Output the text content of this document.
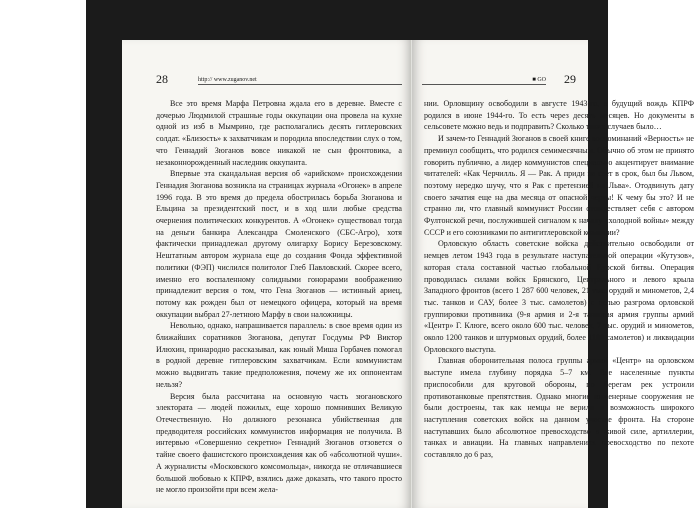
28	http:// www.zuganov.net

Все это время Марфа Петровна ждала его в деревне. Вместе с дочерью Людмилой страшные годы оккупации она провела на кухне одной из изб в Мымрино, где располагались десять гитлеровских солдат. «Близость» к захватчикам и породила впоследствии слух о том, что Геннадий Зюганов вовсе никакой не сын фронтовика, а незаконнорожденный наследник оккупанта.

Впервые эта скандальная версия об «арийском» происхождении Геннадия Зюганова возникла на страницах журнала «Огонек» в апреле 1996 года. В это время до предела обострилась борьба Зюганова и Ельцина за президентский пост, и в ход шли любые средства очернения политических конкурентов. А «Огонек» существовал тогда на деньги банкира Александра Смоленского (СБС-Агро), хотя фактически принадлежал другому олигарху Борису Березовскому. Нештатным автором журнала еще до создания Фонда эффективной политики (ФЭП) числился политолог Глеб Павловский. Скорее всего, именно его воспаленному солидными гонорарами воображению принадлежит версия о том, что Гена Зюганов — истинный ариец, потому как рожден был от немецкого офицера, который на время оккупации выбрал 27-летнюю Марфу в свои наложницы.

Невольно, однако, напрашивается параллель: в свое время один из ближайших соратников Зюганова, депутат Госдумы РФ Виктор Илюхин, принародно рассказывал, как юный Миша Горбачев помогал в родной деревне гитлеровским захватчикам. Если коммунистам можно выдвигать такие предположения, почему же их оппонентам нельзя?

Версия была рассчитана на основную часть зюгановского электората — людей пожилых, еще хорошо помнивших Великую Отечественную. Но должного резонанса убийственная для предводителя российских коммунистов информация не получила. В интервью «Совершенно секретно» Геннадий Зюганов отзовется о тайне своего фашистского происхождения как об «абсолютной чуши». А журналисты «Московского комсомольца», никогда не отличавшиеся большой любовью к КПРФ, взялись даже доказать, что такого просто не могло произойти при всем жела-

■ GO 29

нии. Орловщину освободили в августе 1943-го, а будущий вождь КПРФ родился в июне 1944-го. То есть через десять месяцев. Но документы в сельсовете можно ведь и подправить? Сколько таких случаев было…

И зачем-то Геннадий Зюганов в своей книге воспоминаний «Верность» не преминул сообщить, что родился семимесячным. Обычно об этом не принято говорить публично, а лидер коммунистов специально акцентирует внимание читателей: «Как Черчилль. Я — Рак. А приди на свет в срок, был бы Львом, поэтому нередко шучу, что я Рак с претензией на Льва». Отодвинуть дату своего зачатия еще на два месяца от опасной черты! К чему бы это? И не странно ли, что главный коммунист России отождествляет себя с автором Фултонской речи, послужившей сигналом к началу «холодной войны» между СССР и его союзниками по антигитлеровской коалиции?

Орловскую область советские войска действительно освободили от немцев летом 1943 года в результате наступательной операции «Кутузов», которая стала составной частью глобальной Курской битвы. Операция проводилась силами войск Брянского, Центрального и левого крыла Западного фронтов (всего 1 287 600 человек, 21 тыс. орудий и минометов, 2,4 тыс. танков и САУ, более 3 тыс. самолетов) с целью разгрома орловской группировки противника (9-я армия и 2-я танковая армия группы армий «Центр» Г. Клюге, всего около 600 тыс. человек, 7 тыс. орудий и минометов, около 1200 танков и штурмовых орудий, более 1100 самолетов) и ликвидации Орловского выступа.

Главная оборонительная полоса группы армий «Центр» на орловском выступе имела глубину порядка 5–7 км. Все населенные пункты приспособили для круговой обороны, по берегам рек устроили противотанковые препятствия. Однако многие инженерные сооружения не были достроены, так как немцы не верили в возможность широкого наступления советских войск на данном участке фронта. На стороне наступавших было абсолютное превосходство в живой силе, артиллерии, танках и авиации. На главных направлениях превосходство по пехоте составляло до 6 раз,
